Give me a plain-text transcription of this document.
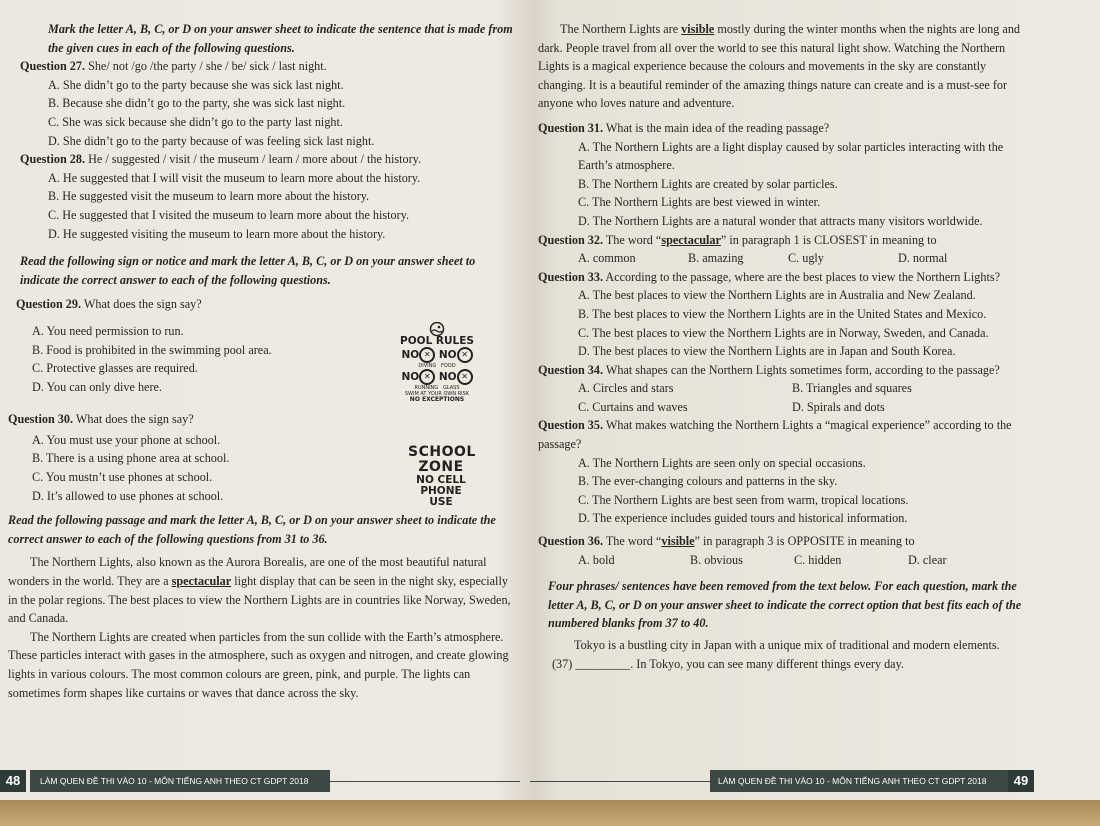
Mark the letter A, B, C, or D on your answer sheet to indicate the sentence that is made from the given cues in each of the following questions.

Question 27. She/ not /go /the party / she / be/ sick / last night.

A. She didn’t go to the party because she was sick last night.

B. Because she didn’t go to the party, she was sick last night.

C. She was sick because she didn’t go to the party last night.

D. She didn’t go to the party because of was feeling sick last night.

Question 28. He / suggested / visit / the museum / learn / more about / the history.

A. He suggested that I will visit the museum to learn more about the history.

B. He suggested visit the museum to learn more about the history.

C. He suggested that I visited the museum to learn more about the history.

D. He suggested visiting the museum to learn more about the history.

Read the following sign or notice and mark the letter A, B, C, or D on your answer sheet to indicate the correct answer to each of the following questions.

Question 29. What does the sign say?

A. You need permission to run.

B. Food is prohibited in the swimming pool area.

C. Protective glasses are required.

D. You can only dive here.

Question 30. What does the sign say?

A. You must use your phone at school.

B. There is a using phone area at school.

C. You mustn’t use phones at school.

D. It’s allowed to use phones at school.

Read the following passage and mark the letter A, B, C, or D on your answer sheet to indicate the correct answer to each of the following questions from 31 to 36.

The Northern Lights, also known as the Aurora Borealis, are one of the most beautiful natural wonders in the world. They are a spectacular light display that can be seen in the night sky, especially in the polar regions. The best places to view the Northern Lights are in countries like Norway, Sweden, and Canada.

The Northern Lights are created when particles from the sun collide with the Earth’s atmosphere. These particles interact with gases in the atmosphere, such as oxygen and nitrogen, and create glowing lights in various colours. The most common colours are green, pink, and purple. The lights can sometimes form shapes like curtains or waves that dance across the sky.

POOL RULES
NO ✕ NO ✕
DIVING FOOD
NO ✕ NO ✕
RUNNING GLASS
SWIM AT YOUR OWN RISK
NO EXCEPTIONS
SCHOOL
ZONE
NO CELL
PHONE
USE

The Northern Lights are visible mostly during the winter months when the nights are long and dark. People travel from all over the world to see this natural light show. Watching the Northern Lights is a magical experience because the colours and movements in the sky are constantly changing. It is a beautiful reminder of the amazing things nature can create and is a must-see for anyone who loves nature and adventure.

Question 31. What is the main idea of the reading passage?

A. The Northern Lights are a light display caused by solar particles interacting with the Earth’s atmosphere.

B. The Northern Lights are created by solar particles.

C. The Northern Lights are best viewed in winter.

D. The Northern Lights are a natural wonder that attracts many visitors worldwide.

Question 32. The word “spectacular” in paragraph 1 is CLOSEST in meaning to

A. common	B. amazing	C. ugly	D. normal

Question 33. According to the passage, where are the best places to view the Northern Lights?

A. The best places to view the Northern Lights are in Australia and New Zealand.

B. The best places to view the Northern Lights are in the United States and Mexico.

C. The best places to view the Northern Lights are in Norway, Sweden, and Canada.

D. The best places to view the Northern Lights are in Japan and South Korea.

Question 34. What shapes can the Northern Lights sometimes form, according to the passage?

A. Circles and stars	B. Triangles and squares
C. Curtains and waves	D. Spirals and dots

Question 35. What makes watching the Northern Lights a “magical experience” according to the passage?

A. The Northern Lights are seen only on special occasions.

B. The ever-changing colours and patterns in the sky.

C. The Northern Lights are best seen from warm, tropical locations.

D. The experience includes guided tours and historical information.

Question 36. The word “visible” in paragraph 3 is OPPOSITE in meaning to

A. bold	B. obvious	C. hidden	D. clear

Four phrases/ sentences have been removed from the text below. For each question, mark the letter A, B, C, or D on your answer sheet to indicate the correct option that best fits each of the numbered blanks from 37 to 40.

Tokyo is a bustling city in Japan with a unique mix of traditional and modern elements.

(37) _________. In Tokyo, you can see many different things every day.

48	LÀM QUEN ĐỀ THI VÀO 10 - MÔN TIẾNG ANH THEO CT GDPT 2018	LÀM QUEN ĐỀ THI VÀO 10 - MÔN TIẾNG ANH THEO CT GDPT 2018	49
